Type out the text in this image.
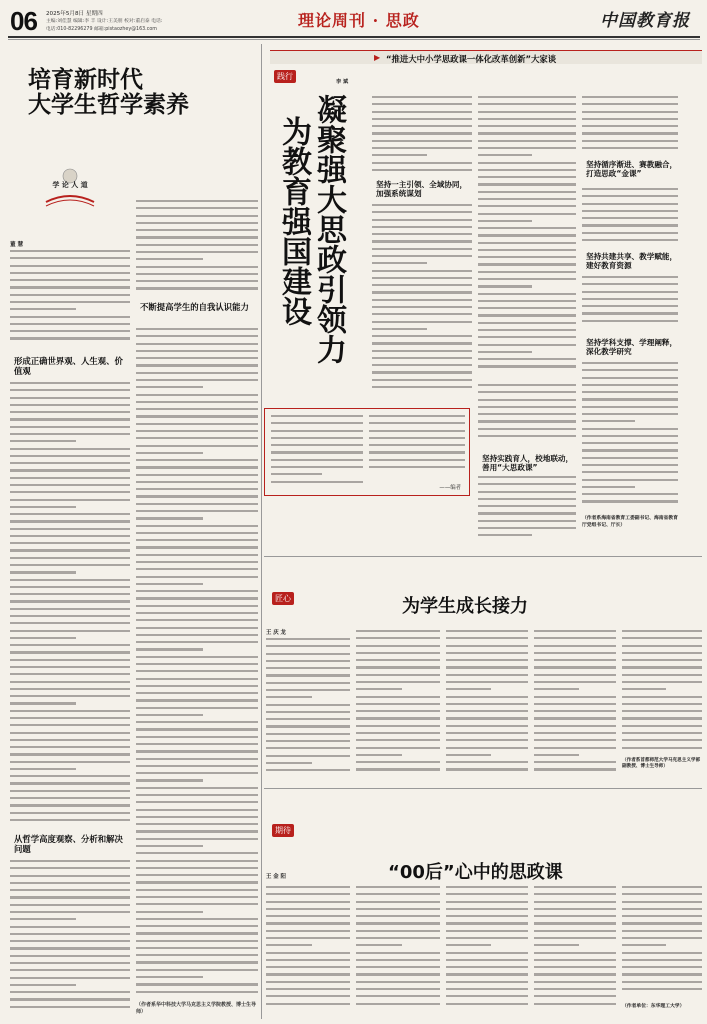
06 2025年5月8日 星期四
主编:刘佳慧 编辑:李 丰 设计:王美朋 校对:董启泰 电话:
电话:010-82296279 邮箱:pistaozhey@163.com	理论周刊 · 思政	中国教育报
培育新时代
大学生哲学素养
学 论 人 道
董 慧
形成正确世界观、人生观、价值观
从哲学高度观察、分析和解决问题
不断提高学生的自我认识能力
（作者系华中科技大学马克思主义学院教授、博士生导师）
▶ “推进大中小学思政课一体化改革创新”大家谈
践行
凝聚强大思政引领力
为教育强国建设
——编者
李 斌
坚持一主引领、全域协同，加强系统谋划
坚持实践育人，校地联动，善用“大思政课”
坚持循序渐进、赛教融合，打造思政“金课”
坚持共建共享、教学赋能，建好教育资源
坚持学科支撑、学理阐释，深化教学研究
（作者系海南省教育工委副书记、海南省教育厅党组书记、厅长）
匠心	为学生成长接力
王 庆 龙
（作者系首都师范大学马克思主义学部副教授、博士生导师）
期待
“00后”心中的思政课
王 金 阳
（作者单位：东华理工大学）
